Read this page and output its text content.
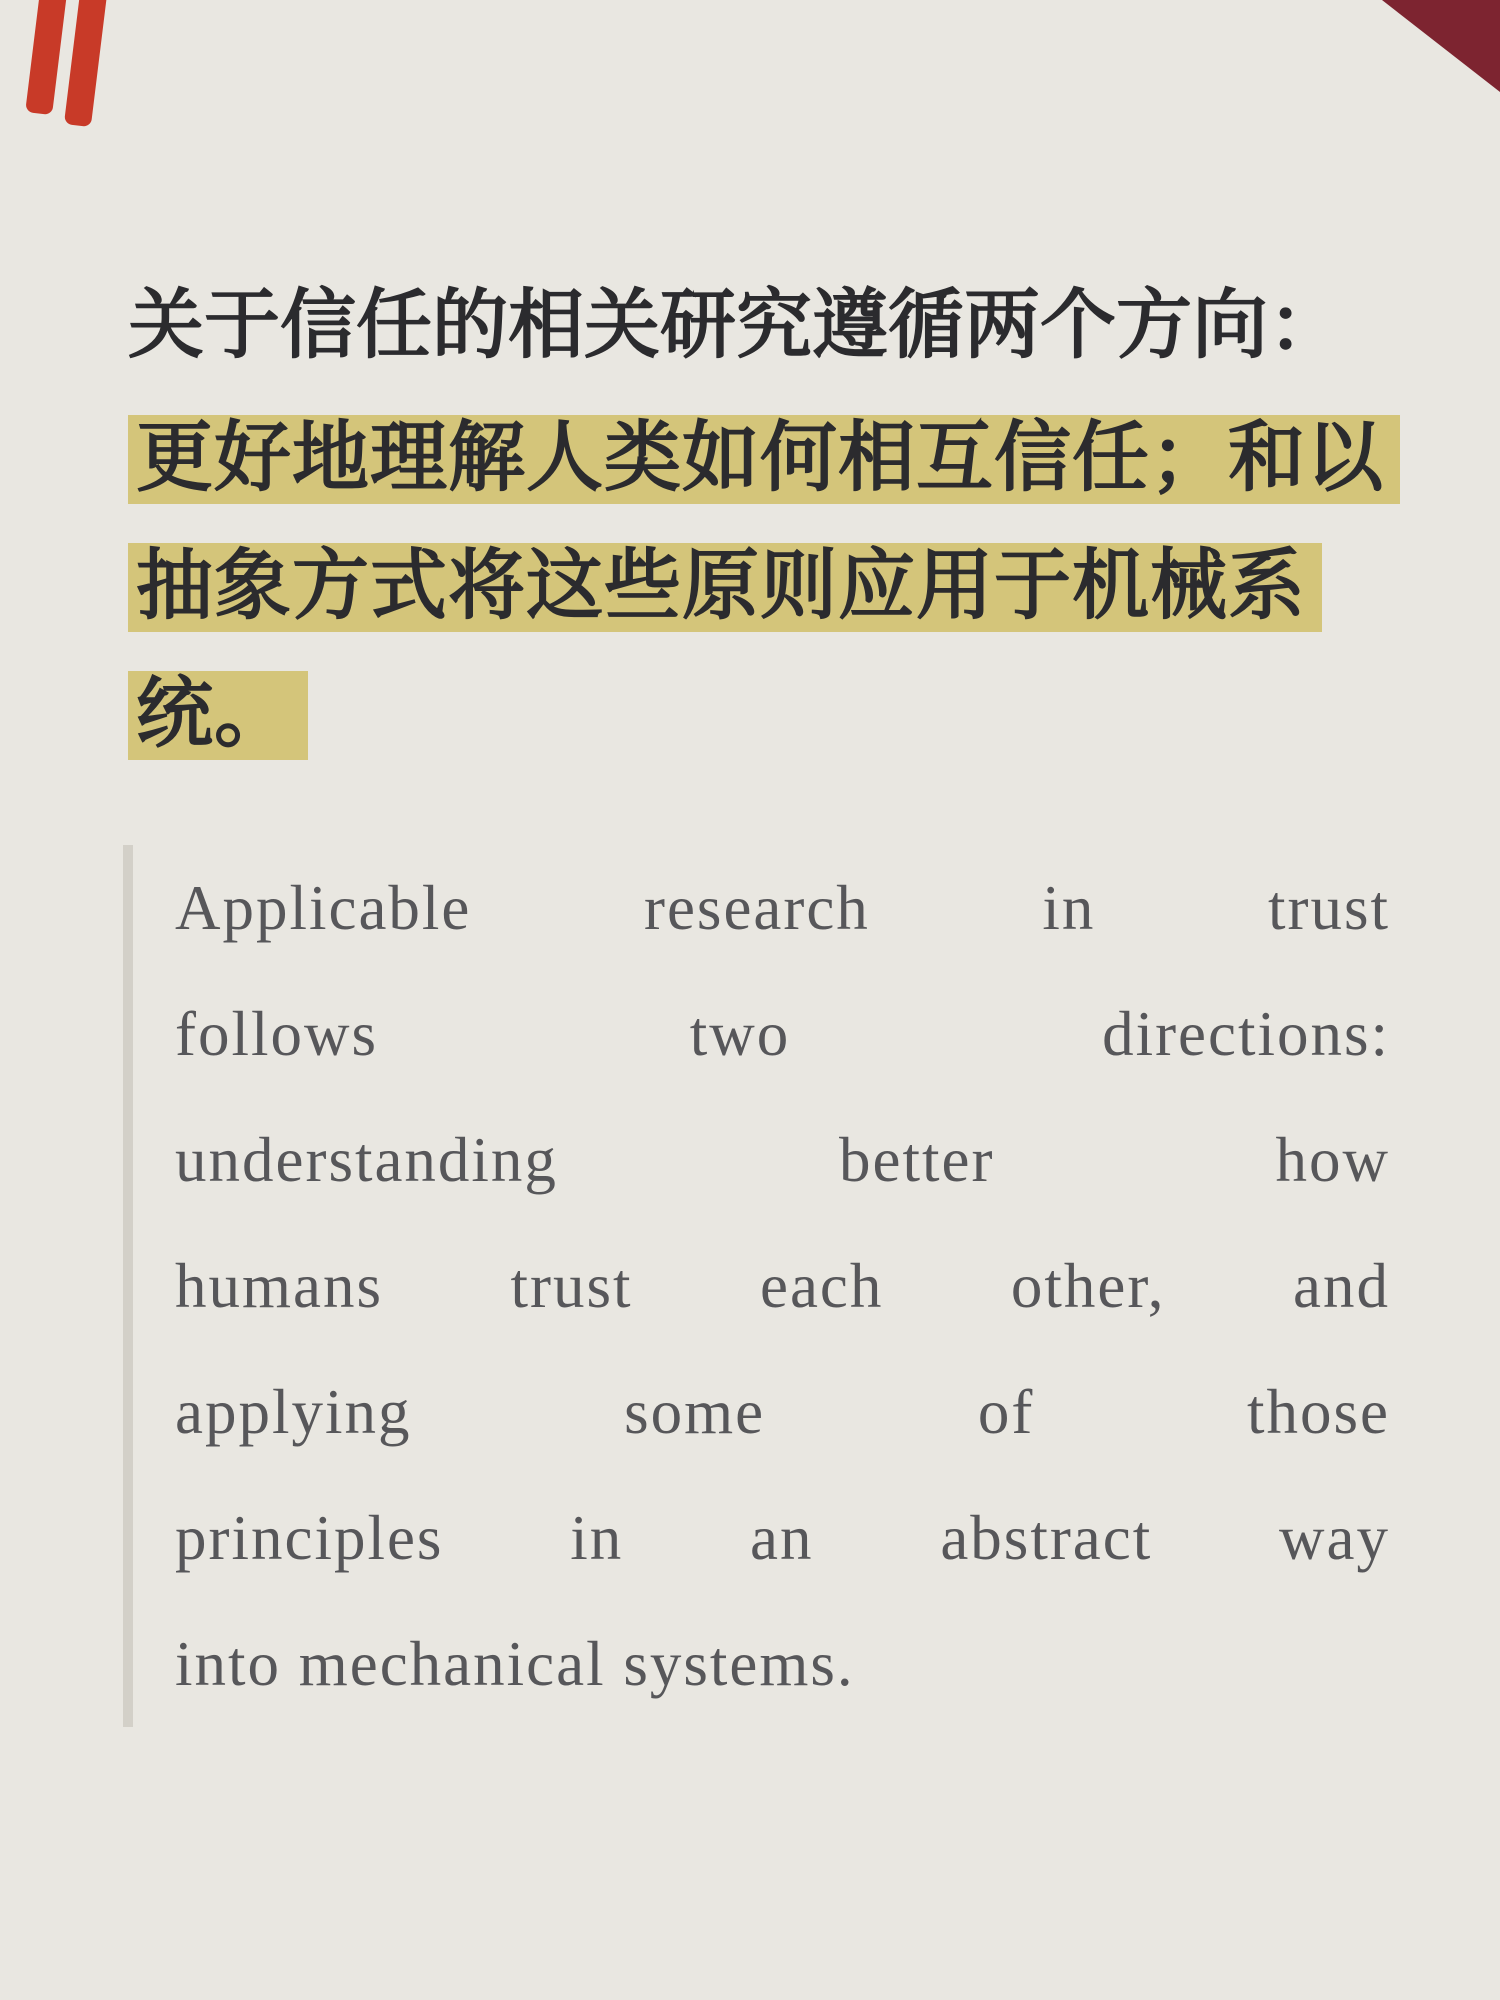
关于信任的相关研究遵循两个方向：
更好地理解人类如何相互信任；和以
抽象方式将这些原则应用于机械系
统。
Applicable research in trust
follows two directions:
understanding better how
humans trust each other, and
applying some of those
principles in an abstract way
into mechanical systems.
